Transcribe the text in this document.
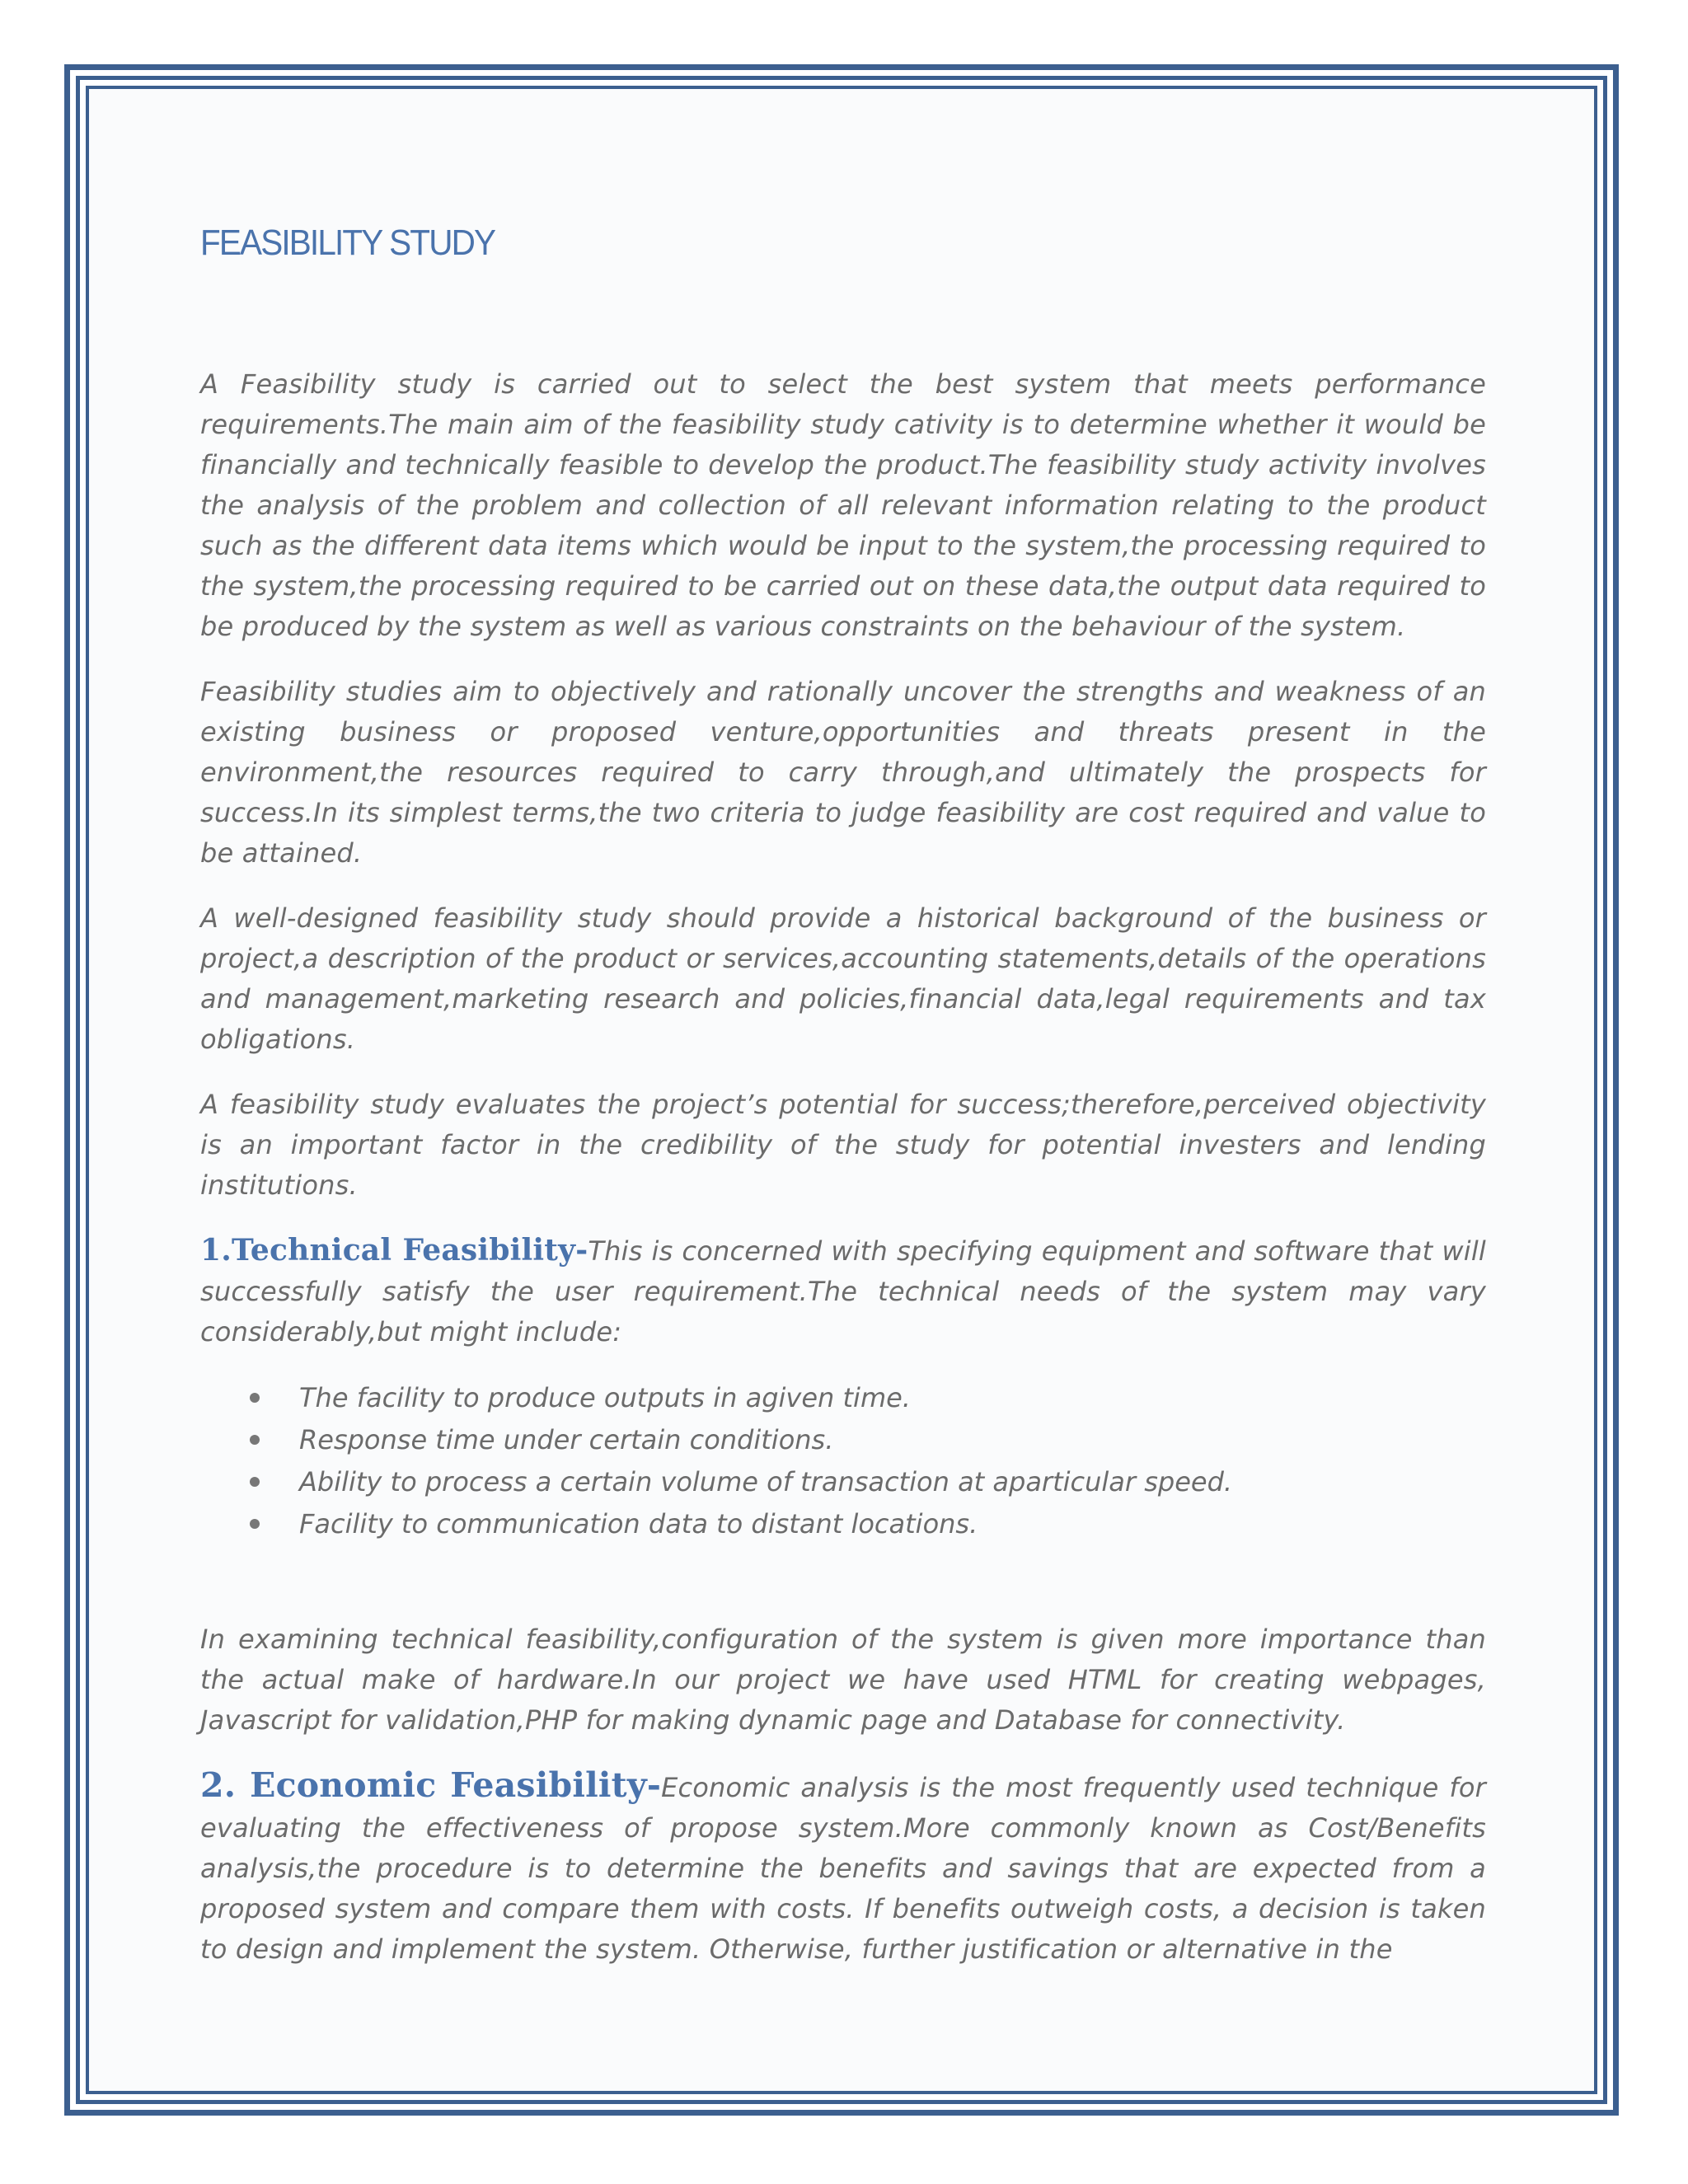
FEASIBILITY STUDY

A Feasibility study is carried out to select the best system that meets performance requirements.The main aim of the feasibility study cativity is to determine whether it would be financially and technically feasible to develop the product.The feasibility study activity involves the analysis of the problem and collection of all relevant information relating to the product such as the different data items which would be input to the system,the processing required to the system,the processing required to be carried out on these data,the output data required to be produced by the system as well as various constraints on the behaviour of the system.

Feasibility studies aim to objectively and rationally uncover the strengths and weakness of an existing business or proposed venture,opportunities and threats present in the environment,the resources required to carry through,and ultimately the prospects for success.In its simplest terms,the two criteria to judge feasibility are cost required and value to be attained.

A well-designed feasibility study should provide a historical background of the business or project,a description of the product or services,accounting statements,details of the operations and management,marketing research and policies,financial data,legal requirements and tax obligations.

A feasibility study evaluates the project’s potential for success;therefore,perceived objectivity is an important factor in the credibility of the study for potential investers and lending institutions.

1.Technical Feasibility-This is concerned with specifying equipment and software that will successfully satisfy the user requirement.The technical needs of the system may vary considerably,but might include:

The facility to produce outputs in agiven time.
Response time under certain conditions.
Ability to process a certain volume of transaction at aparticular speed.
Facility to communication data to distant locations.

In examining technical feasibility,configuration of the system is given more importance than the actual make of hardware.In our project we have used HTML for creating webpages, Javascript for validation,PHP for making dynamic page and Database for connectivity.

2. Economic Feasibility-Economic analysis is the most frequently used technique for evaluating the effectiveness of propose system.More commonly known as Cost/Benefits analysis,the procedure is to determine the benefits and savings that are expected from a proposed system and compare them with costs. If benefits outweigh costs, a decision is taken to design and implement the system. Otherwise, further justification or alternative in the
